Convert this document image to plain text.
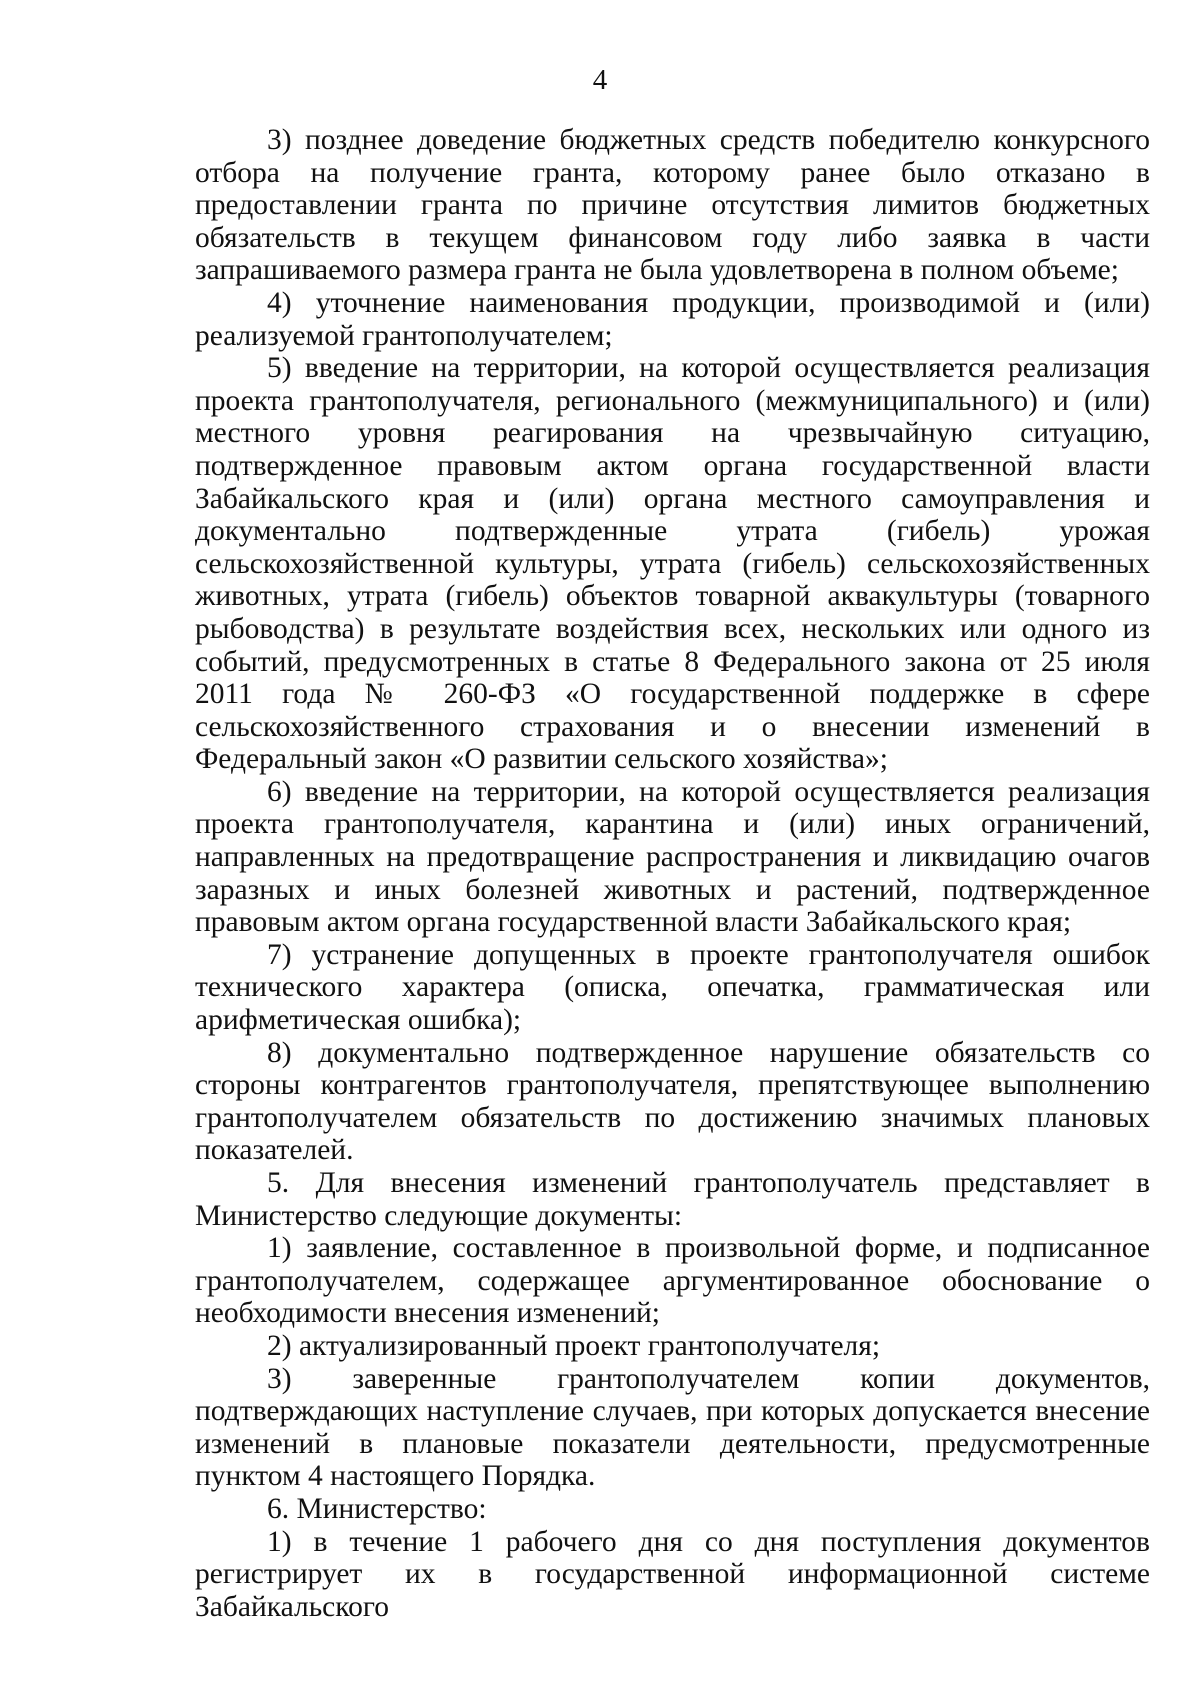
4

3) позднее доведение бюджетных средств победителю конкурсного отбора на получение гранта, которому ранее было отказано в предоставлении гранта по причине отсутствия лимитов бюджетных обязательств в текущем финансовом году либо заявка в части запрашиваемого размера гранта не была удовлетворена в полном объеме;

4) уточнение наименования продукции, производимой и (или) реализуемой грантополучателем;

5) введение на территории, на которой осуществляется реализация проекта грантополучателя, регионального (межмуниципального) и (или) местного уровня реагирования на чрезвычайную ситуацию, подтвержденное правовым актом органа государственной власти Забайкальского края и (или) органа местного самоуправления и документально подтвержденные утрата (гибель) урожая сельскохозяйственной культуры, утрата (гибель) сельскохозяйственных животных, утрата (гибель) объектов товарной аквакультуры (товарного рыбоводства) в результате воздействия всех, нескольких или одного из событий, предусмотренных в статье 8 Федерального закона от 25 июля 2011 года № 260-ФЗ «О государственной поддержке в сфере сельскохозяйственного страхования и о внесении изменений в Федеральный закон «О развитии сельского хозяйства»;

6) введение на территории, на которой осуществляется реализация проекта грантополучателя, карантина и (или) иных ограничений, направленных на предотвращение распространения и ликвидацию очагов заразных и иных болезней животных и растений, подтвержденное правовым актом органа государственной власти Забайкальского края;

7) устранение допущенных в проекте грантополучателя ошибок технического характера (описка, опечатка, грамматическая или арифметическая ошибка);

8) документально подтвержденное нарушение обязательств со стороны контрагентов грантополучателя, препятствующее выполнению грантополучателем обязательств по достижению значимых плановых показателей.

5. Для внесения изменений грантополучатель представляет в Министерство следующие документы:

1) заявление, составленное в произвольной форме, и подписанное грантополучателем, содержащее аргументированное обоснование о необходимости внесения изменений;

2) актуализированный проект грантополучателя;

3) заверенные грантополучателем копии документов, подтверждающих наступление случаев, при которых допускается внесение изменений в плановые показатели деятельности, предусмотренные пунктом 4 настоящего Порядка.

6. Министерство:

1) в течение 1 рабочего дня со дня поступления документов регистрирует их в государственной информационной системе Забайкальского
